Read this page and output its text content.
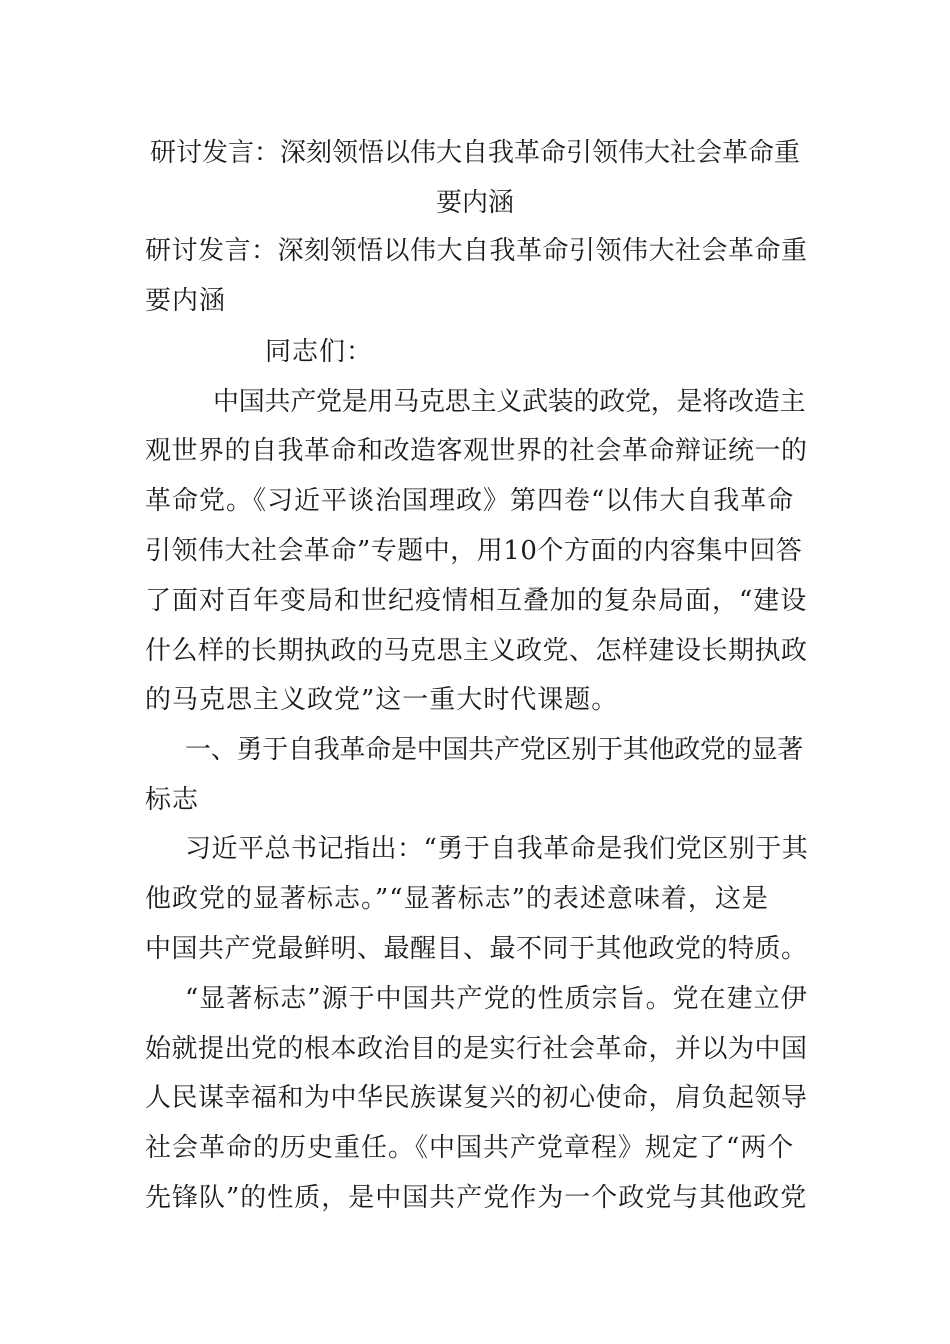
研讨发言：深刻领悟以伟大自我革命引领伟大社会革命重
要内涵
研讨发言：深刻领悟以伟大自我革命引领伟大社会革命重
要内涵
同志们：
中国共产党是用马克思主义武装的政党，是将改造主
观世界的自我革命和改造客观世界的社会革命辩证统一的
革命党。《习近平谈治国理政》第四卷“以伟大自我革命
引领伟大社会革命”专题中，用10个方面的内容集中回答
了面对百年变局和世纪疫情相互叠加的复杂局面，“建设
什么样的长期执政的马克思主义政党、怎样建设长期执政
的马克思主义政党”这一重大时代课题。
一、勇于自我革命是中国共产党区别于其他政党的显著
标志
习近平总书记指出：“勇于自我革命是我们党区别于其
他政党的显著标志。”“显著标志”的表述意味着，这是
中国共产党最鲜明、最醒目、最不同于其他政党的特质。
“显著标志”源于中国共产党的性质宗旨。党在建立伊
始就提出党的根本政治目的是实行社会革命，并以为中国
人民谋幸福和为中华民族谋复兴的初心使命，肩负起领导
社会革命的历史重任。《中国共产党章程》规定了“两个
先锋队”的性质，是中国共产党作为一个政党与其他政党
